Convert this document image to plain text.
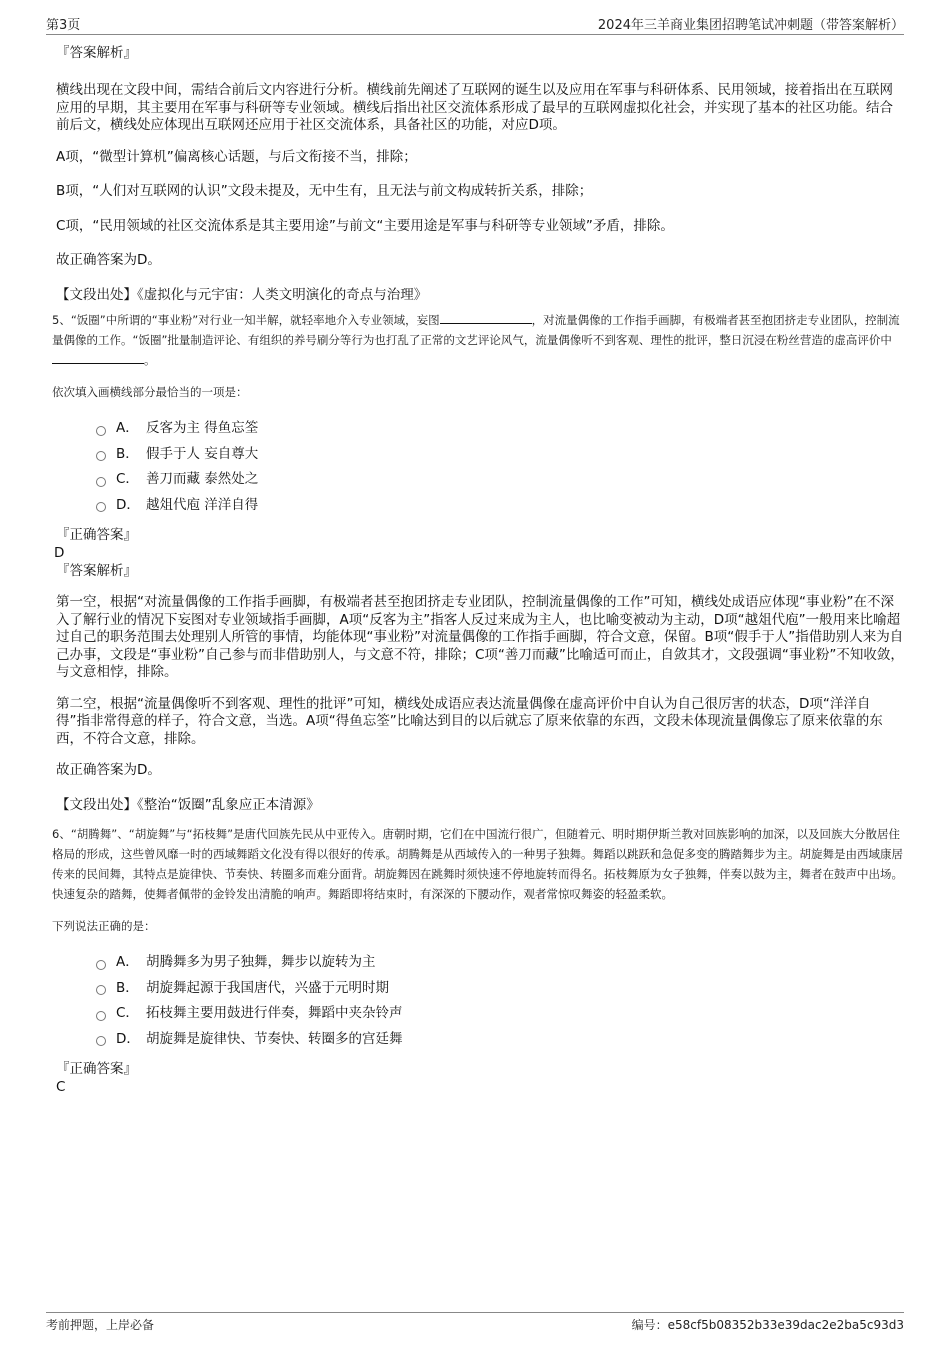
第3页	2024年三羊商业集团招聘笔试冲刺题（带答案解析）

『答案解析』

横线出现在文段中间，需结合前后文内容进行分析。横线前先阐述了互联网的诞生以及应用在军事与科研体系、民用领域，接着指出在互联网应用的早期，其主要用在军事与科研等专业领域。横线后指出社区交流体系形成了最早的互联网虚拟化社会，并实现了基本的社区功能。结合前后文，横线处应体现出互联网还应用于社区交流体系，具备社区的功能，对应D项。

A项，“微型计算机”偏离核心话题，与后文衔接不当，排除；

B项，“人们对互联网的认识”文段未提及，无中生有，且无法与前文构成转折关系，排除；

C项，“民用领域的社区交流体系是其主要用途”与前文“主要用途是军事与科研等专业领域”矛盾，排除。

故正确答案为D。

【文段出处】《虚拟化与元宇宙：人类文明演化的奇点与治理》

5、“饭圈”中所谓的“事业粉”对行业一知半解，就轻率地介入专业领域，妄图	，对流量偶像的工作指手画脚，有极端者甚至抱团挤走专业团队，控制流量偶像的工作。“饭圈”批量制造评论、有组织的养号刷分等行为也打乱了正常的文艺评论风气，流量偶像听不到客观、理性的批评，整日沉浸在粉丝营造的虚高评价中。

依次填入画横线部分最恰当的一项是：

A． 反客为主 得鱼忘筌
B． 假手于人 妄自尊大
C． 善刀而藏 泰然处之
D． 越俎代庖 洋洋自得

『正确答案』

D

『答案解析』

第一空，根据“对流量偶像的工作指手画脚，有极端者甚至抱团挤走专业团队，控制流量偶像的工作”可知，横线处成语应体现“事业粉”在不深入了解行业的情况下妄图对专业领域指手画脚，A项“反客为主”指客人反过来成为主人，也比喻变被动为主动，D项“越俎代庖”一般用来比喻超过自己的职务范围去处理别人所管的事情，均能体现“事业粉”对流量偶像的工作指手画脚，符合文意，保留。B项“假手于人”指借助别人来为自己办事，文段是“事业粉”自己参与而非借助别人，与文意不符，排除；C项“善刀而藏”比喻适可而止，自敛其才，文段强调“事业粉”不知收敛，与文意相悖，排除。

第二空，根据“流量偶像听不到客观、理性的批评”可知，横线处成语应表达流量偶像在虚高评价中自认为自己很厉害的状态，D项“洋洋自得”指非常得意的样子，符合文意，当选。A项“得鱼忘筌”比喻达到目的以后就忘了原来依靠的东西，文段未体现流量偶像忘了原来依靠的东西，不符合文意，排除。

故正确答案为D。

【文段出处】《整治“饭圈”乱象应正本清源》

6、“胡腾舞”、“胡旋舞”与“拓枝舞”是唐代回族先民从中亚传入。唐朝时期，它们在中国流行很广，但随着元、明时期伊斯兰教对回族影响的加深，以及回族大分散居住格局的形成，这些曾风靡一时的西域舞蹈文化没有得以很好的传承。胡腾舞是从西域传入的一种男子独舞。舞蹈以跳跃和急促多变的腾踏舞步为主。胡旋舞是由西域康居传来的民间舞，其特点是旋律快、节奏快、转圈多而难分面背。胡旋舞因在跳舞时须快速不停地旋转而得名。拓枝舞原为女子独舞，伴奏以鼓为主，舞者在鼓声中出场。快速复杂的踏舞，使舞者佩带的金铃发出清脆的响声。舞蹈即将结束时，有深深的下腰动作，观者常惊叹舞姿的轻盈柔软。

下列说法正确的是：

A． 胡腾舞多为男子独舞，舞步以旋转为主
B． 胡旋舞起源于我国唐代，兴盛于元明时期
C． 拓枝舞主要用鼓进行伴奏，舞蹈中夹杂铃声
D． 胡旋舞是旋律快、节奏快、转圈多的宫廷舞

『正确答案』

C

考前押题，上岸必备	编号：e58cf5b08352b33e39dac2e2ba5c93d3
